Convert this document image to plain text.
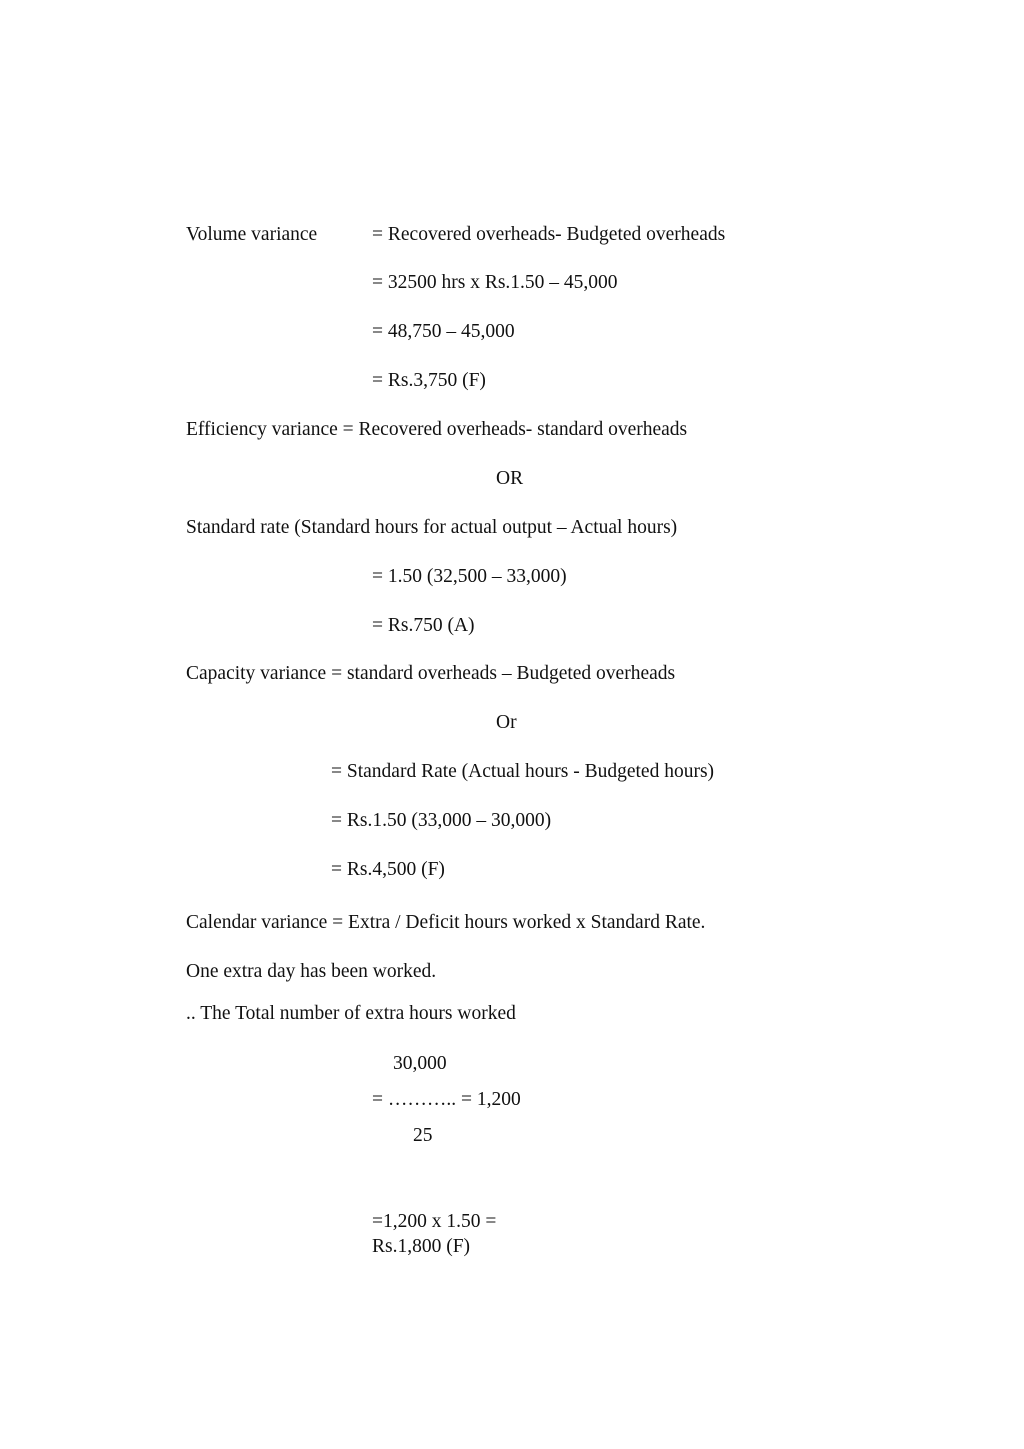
Volume variance	= Recovered overheads- Budgeted overheads
= 32500 hrs x Rs.1.50 – 45,000
= 48,750 – 45,000
= Rs.3,750 (F)
Efficiency variance = Recovered overheads- standard overheads
OR
Standard rate (Standard hours for actual output – Actual hours)
= 1.50 (32,500 – 33,000)
= Rs.750 (A)
Capacity variance = standard overheads – Budgeted overheads
Or
= Standard Rate (Actual hours - Budgeted hours)
= Rs.1.50 (33,000 – 30,000)
= Rs.4,500 (F)
Calendar variance = Extra / Deficit hours worked x Standard Rate.
One extra day has been worked.
.. The Total number of extra hours worked
30,000
= ……….. = 1,200
25
=1,200 x 1.50 =
Rs.1,800 (F)
